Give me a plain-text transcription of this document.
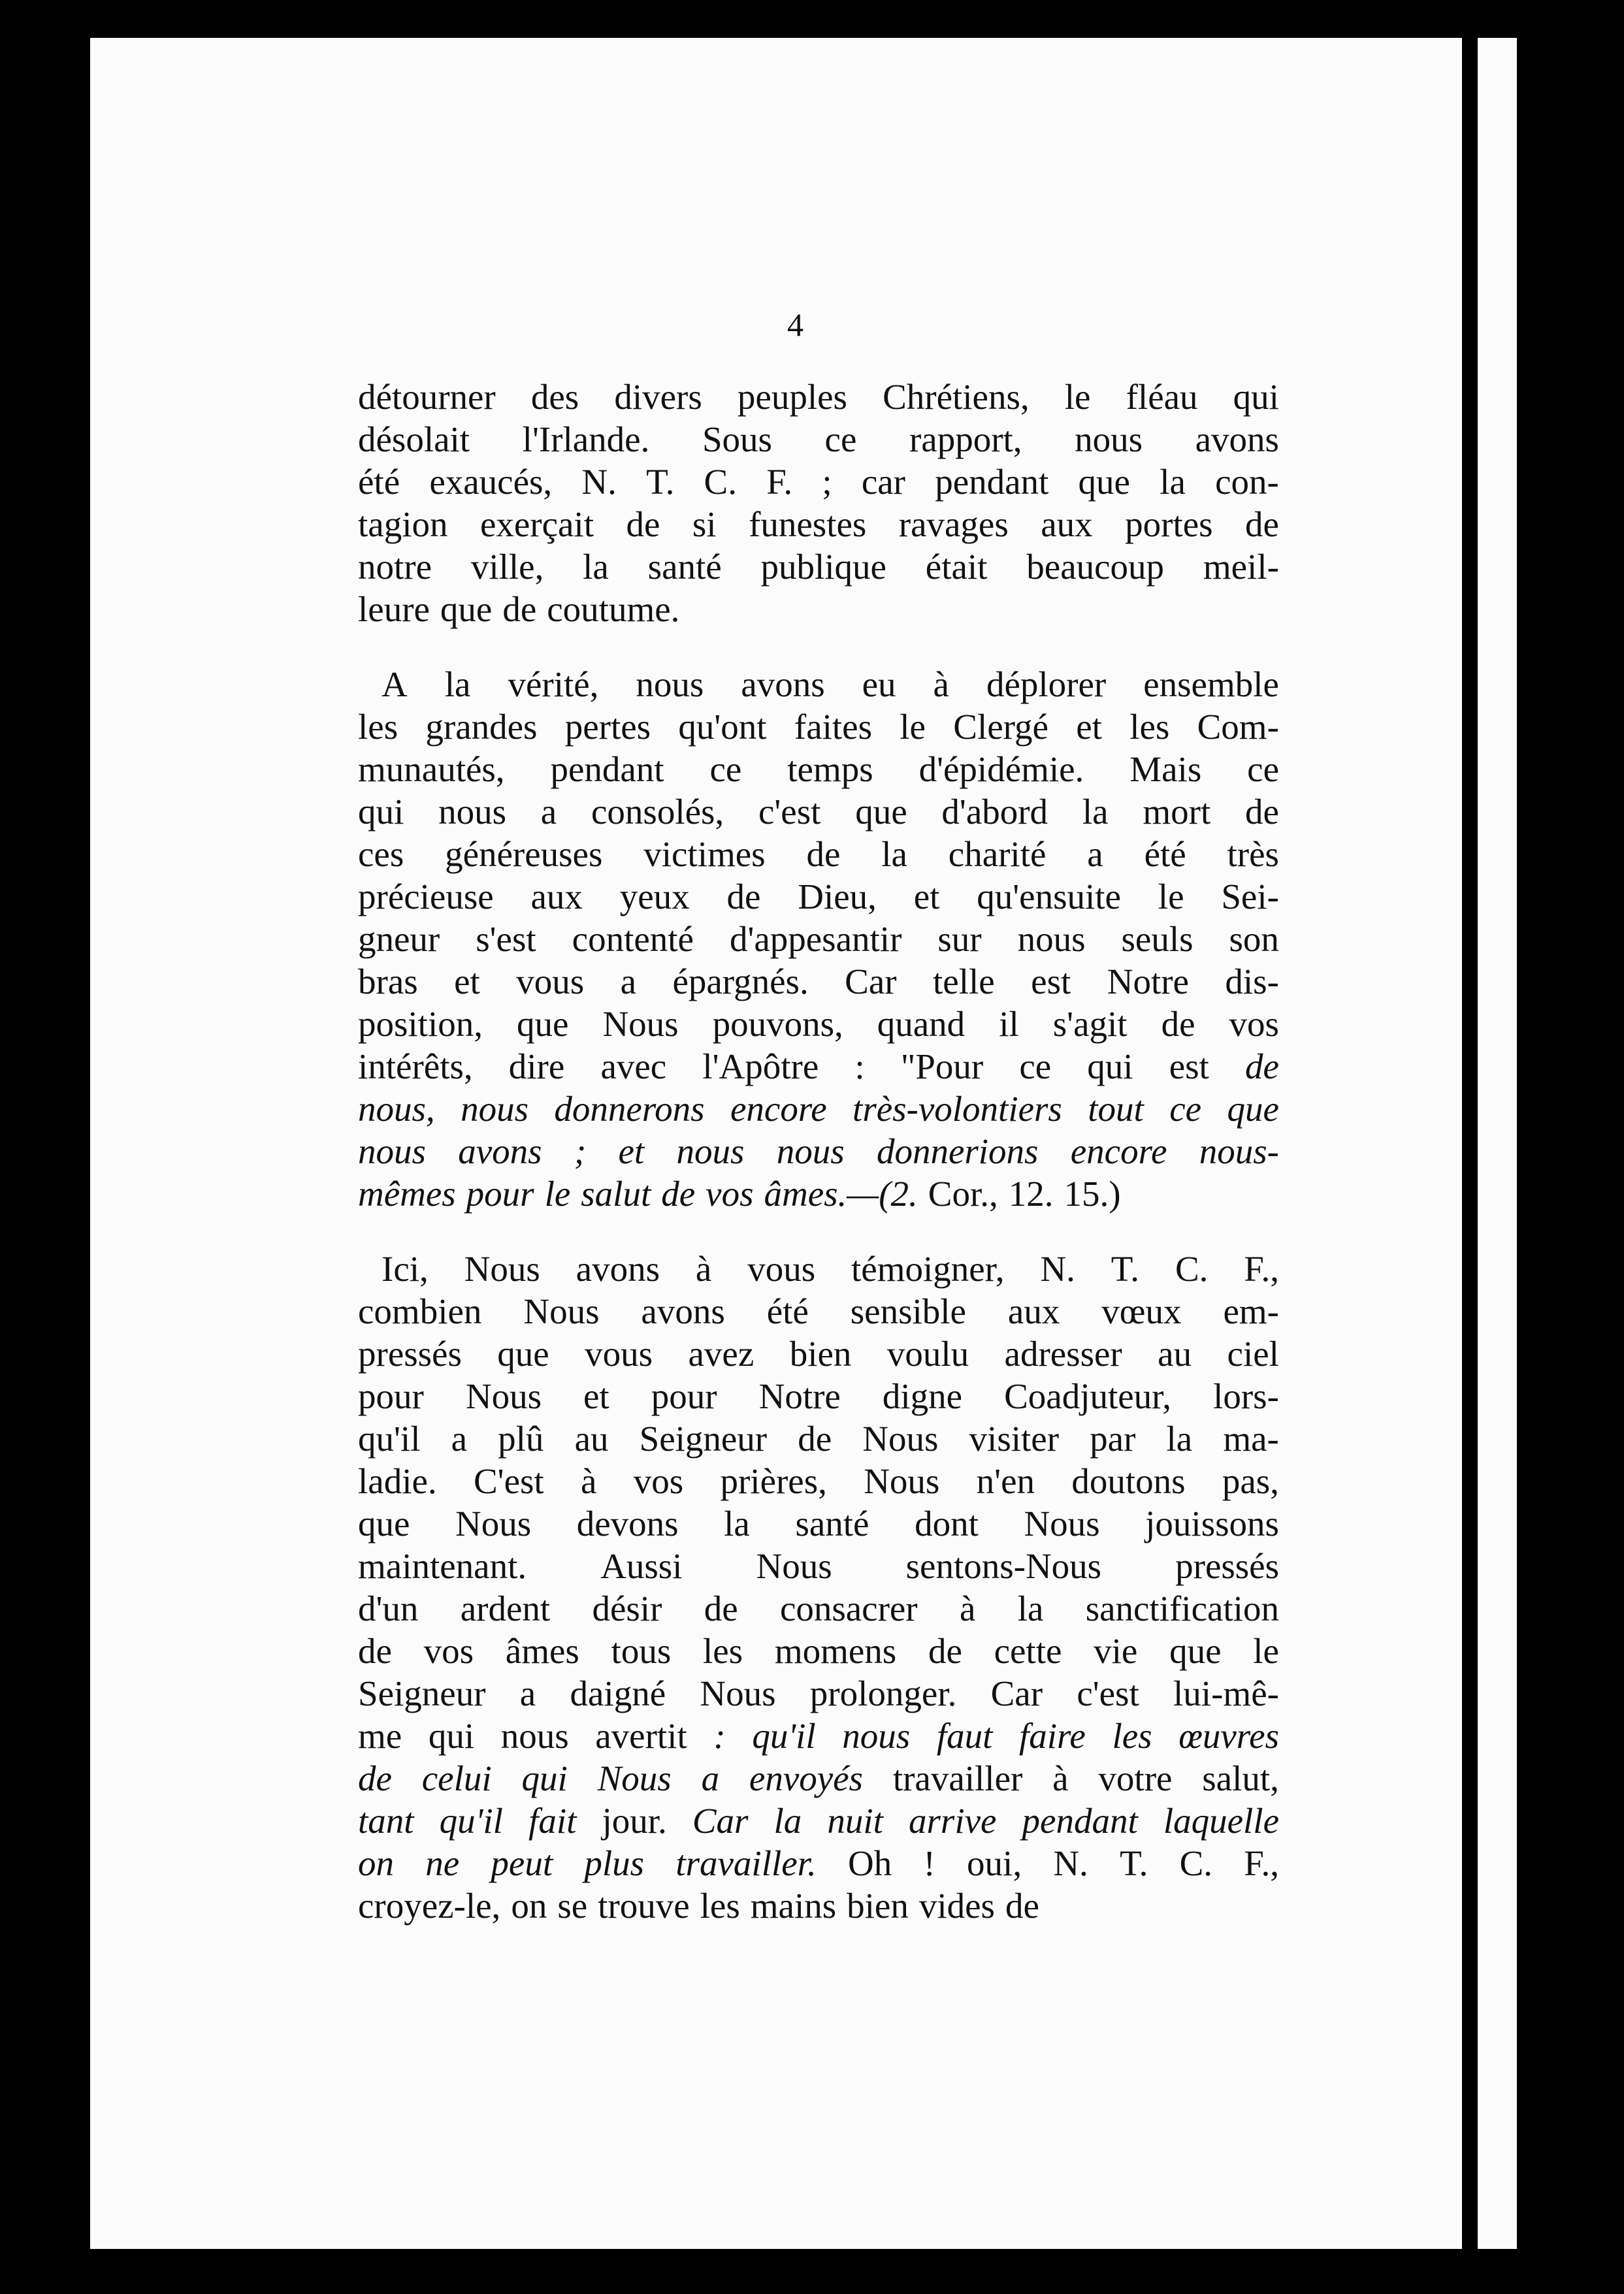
4
détourner des divers peuples Chrétiens, le fléau qui
désolait l'Irlande. Sous ce rapport, nous avons
été exaucés, N. T. C. F. ; car pendant que la con-
tagion exerçait de si funestes ravages aux portes de
notre ville, la santé publique était beaucoup meil-
leure que de coutume.
A la vérité, nous avons eu à déplorer ensemble
les grandes pertes qu'ont faites le Clergé et les Com-
munautés, pendant ce temps d'épidémie. Mais ce
qui nous a consolés, c'est que d'abord la mort de
ces généreuses victimes de la charité a été très
précieuse aux yeux de Dieu, et qu'ensuite le Sei-
gneur s'est contenté d'appesantir sur nous seuls son
bras et vous a épargnés. Car telle est Notre dis-
position, que Nous pouvons, quand il s'agit de vos
intérêts, dire avec l'Apôtre : "Pour ce qui est de
nous, nous donnerons encore très-volontiers tout ce que
nous avons ; et nous nous donnerions encore nous-
mêmes pour le salut de vos âmes.—(2. Cor., 12. 15.)
Ici, Nous avons à vous témoigner, N. T. C. F.,
combien Nous avons été sensible aux vœux em-
pressés que vous avez bien voulu adresser au ciel
pour Nous et pour Notre digne Coadjuteur, lors-
qu'il a plû au Seigneur de Nous visiter par la ma-
ladie. C'est à vos prières, Nous n'en doutons pas,
que Nous devons la santé dont Nous jouissons
maintenant. Aussi Nous sentons-Nous pressés
d'un ardent désir de consacrer à la sanctification
de vos âmes tous les momens de cette vie que le
Seigneur a daigné Nous prolonger. Car c'est lui-mê-
me qui nous avertit : qu'il nous faut faire les œuvres
de celui qui Nous a envoyés travailler à votre salut,
tant qu'il fait jour. Car la nuit arrive pendant laquelle
on ne peut plus travailler. Oh ! oui, N. T. C. F.,
croyez-le, on se trouve les mains bien vides de
